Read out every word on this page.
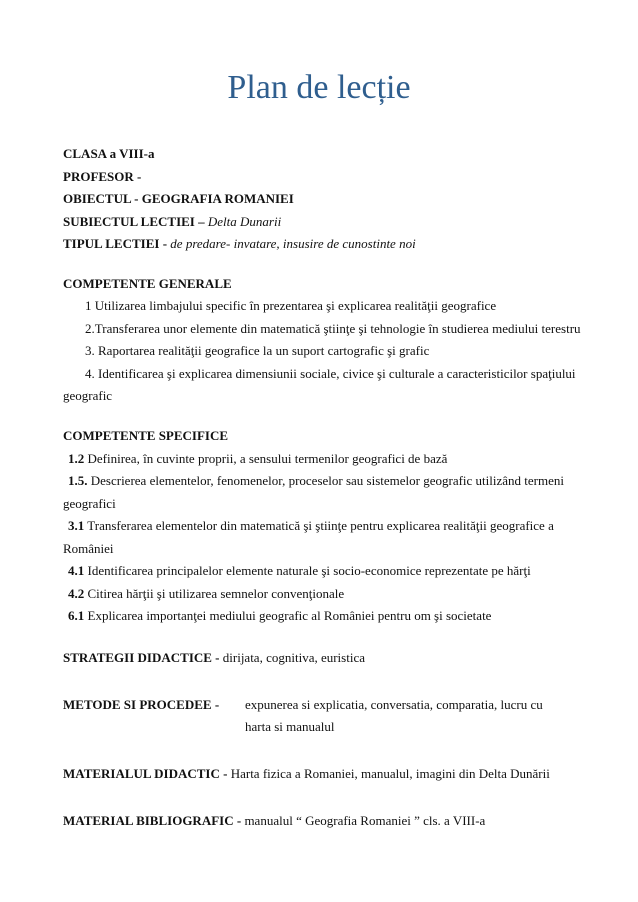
Plan de lecție
CLASA a VIII-a
PROFESOR -
OBIECTUL - GEOGRAFIA ROMANIEI
SUBIECTUL LECTIEI – Delta Dunarii
TIPUL LECTIEI - de predare- invatare, insusire de cunostinte noi
COMPETENTE GENERALE
1 Utilizarea limbajului specific în prezentarea şi explicarea realităţii geografice
2.Transferarea unor elemente din matematică ştiinţe şi tehnologie în studierea mediului terestru
3. Raportarea realităţii geografice la un suport cartografic şi grafic
4. Identificarea şi explicarea dimensiunii sociale, civice şi culturale a caracteristicilor spaţiului
geografic
COMPETENTE SPECIFICE
1.2 Definirea, în cuvinte proprii, a sensului termenilor geografici de bază
1.5. Descrierea elementelor, fenomenelor, proceselor sau sistemelor geografic utilizând termeni
geografici
3.1 Transferarea elementelor din matematică şi ştiinţe pentru explicarea realităţii geografice a
României
4.1 Identificarea principalelor elemente naturale şi socio-economice reprezentate pe hărţi
4.2 Citirea hărţii şi utilizarea semnelor convenţionale
6.1 Explicarea importanţei mediului geografic al României pentru om şi societate
STRATEGII DIDACTICE - dirijata, cognitiva, euristica
METODE SI PROCEDEE - expunerea si explicatia, conversatia, comparatia, lucru cu
harta si manualul
MATERIALUL DIDACTIC - Harta fizica a Romaniei, manualul, imagini din Delta Dunării
MATERIAL BIBLIOGRAFIC - manualul “ Geografia Romaniei ” cls. a VIII-a
